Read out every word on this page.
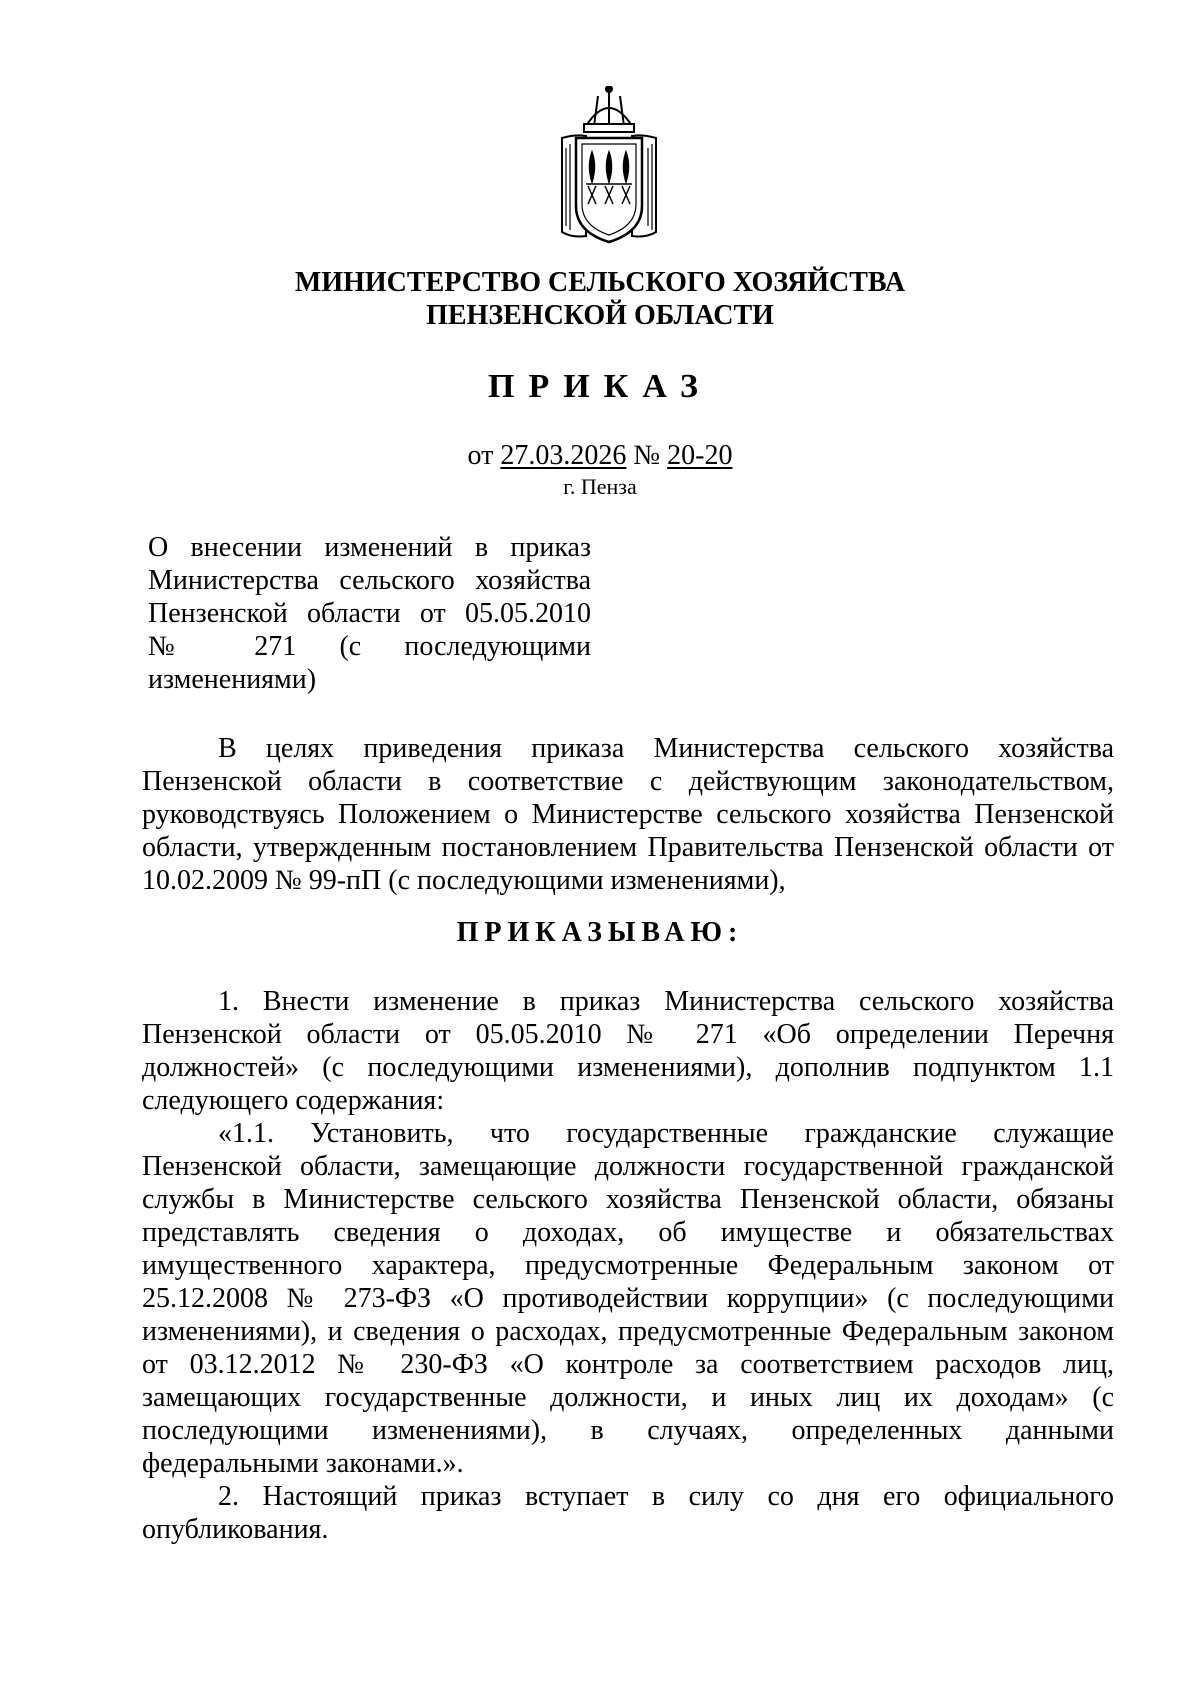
МИНИСТЕРСТВО СЕЛЬСКОГО ХОЗЯЙСТВА
ПЕНЗЕНСКОЙ ОБЛАСТИ
ПРИКАЗ
от 27.03.2026 № 20-20
г. Пенза
О внесении изменений в приказ
Министерства сельского хозяйства
Пензенской области от 05.05.2010
№ 271 (с последующими
изменениями)
В целях приведения приказа Министерства сельского хозяйства
Пензенской области в соответствие с действующим законодательством,
руководствуясь Положением о Министерстве сельского хозяйства Пензенской
области, утвержденным постановлением Правительства Пензенской области от
10.02.2009 № 99-пП (с последующими изменениями),
ПРИКАЗЫВАЮ:
1. Внести изменение в приказ Министерства сельского хозяйства
Пензенской области от 05.05.2010 № 271 «Об определении Перечня
должностей» (с последующими изменениями), дополнив подпунктом 1.1
следующего содержания:
«1.1. Установить, что государственные гражданские служащие
Пензенской области, замещающие должности государственной гражданской
службы в Министерстве сельского хозяйства Пензенской области, обязаны
представлять сведения о доходах, об имуществе и обязательствах
имущественного характера, предусмотренные Федеральным законом от
25.12.2008 № 273-ФЗ «О противодействии коррупции» (с последующими
изменениями), и сведения о расходах, предусмотренные Федеральным законом
от 03.12.2012 № 230-ФЗ «О контроле за соответствием расходов лиц,
замещающих государственные должности, и иных лиц их доходам» (с
последующими изменениями), в случаях, определенных данными
федеральными законами.».
2. Настоящий приказ вступает в силу со дня его официального
опубликования.
